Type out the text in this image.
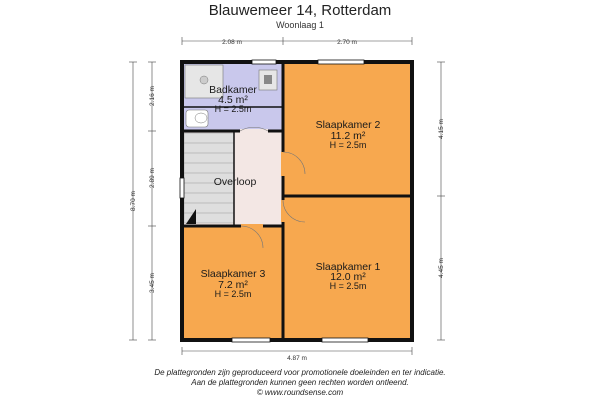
Blauwemeer 14, Rotterdam
Woonlaag 1
2.08 m	2.70 m
4.87 m
8.70 m
2.16 m
2.89 m
3.45 m
4.15 m
4.45 m
Badkamer
4.5 m²
H = 2.5m
Slaapkamer 2
11.2 m²
H = 2.5m
Overloop
Slaapkamer 3
7.2 m²
H = 2.5m
Slaapkamer 1
12.0 m²
H = 2.5m
De plattegronden zijn geproduceerd voor promotionele doeleinden en ter indicatie.
Aan de plattegronden kunnen geen rechten worden ontleend.
© www.roundsense.com
